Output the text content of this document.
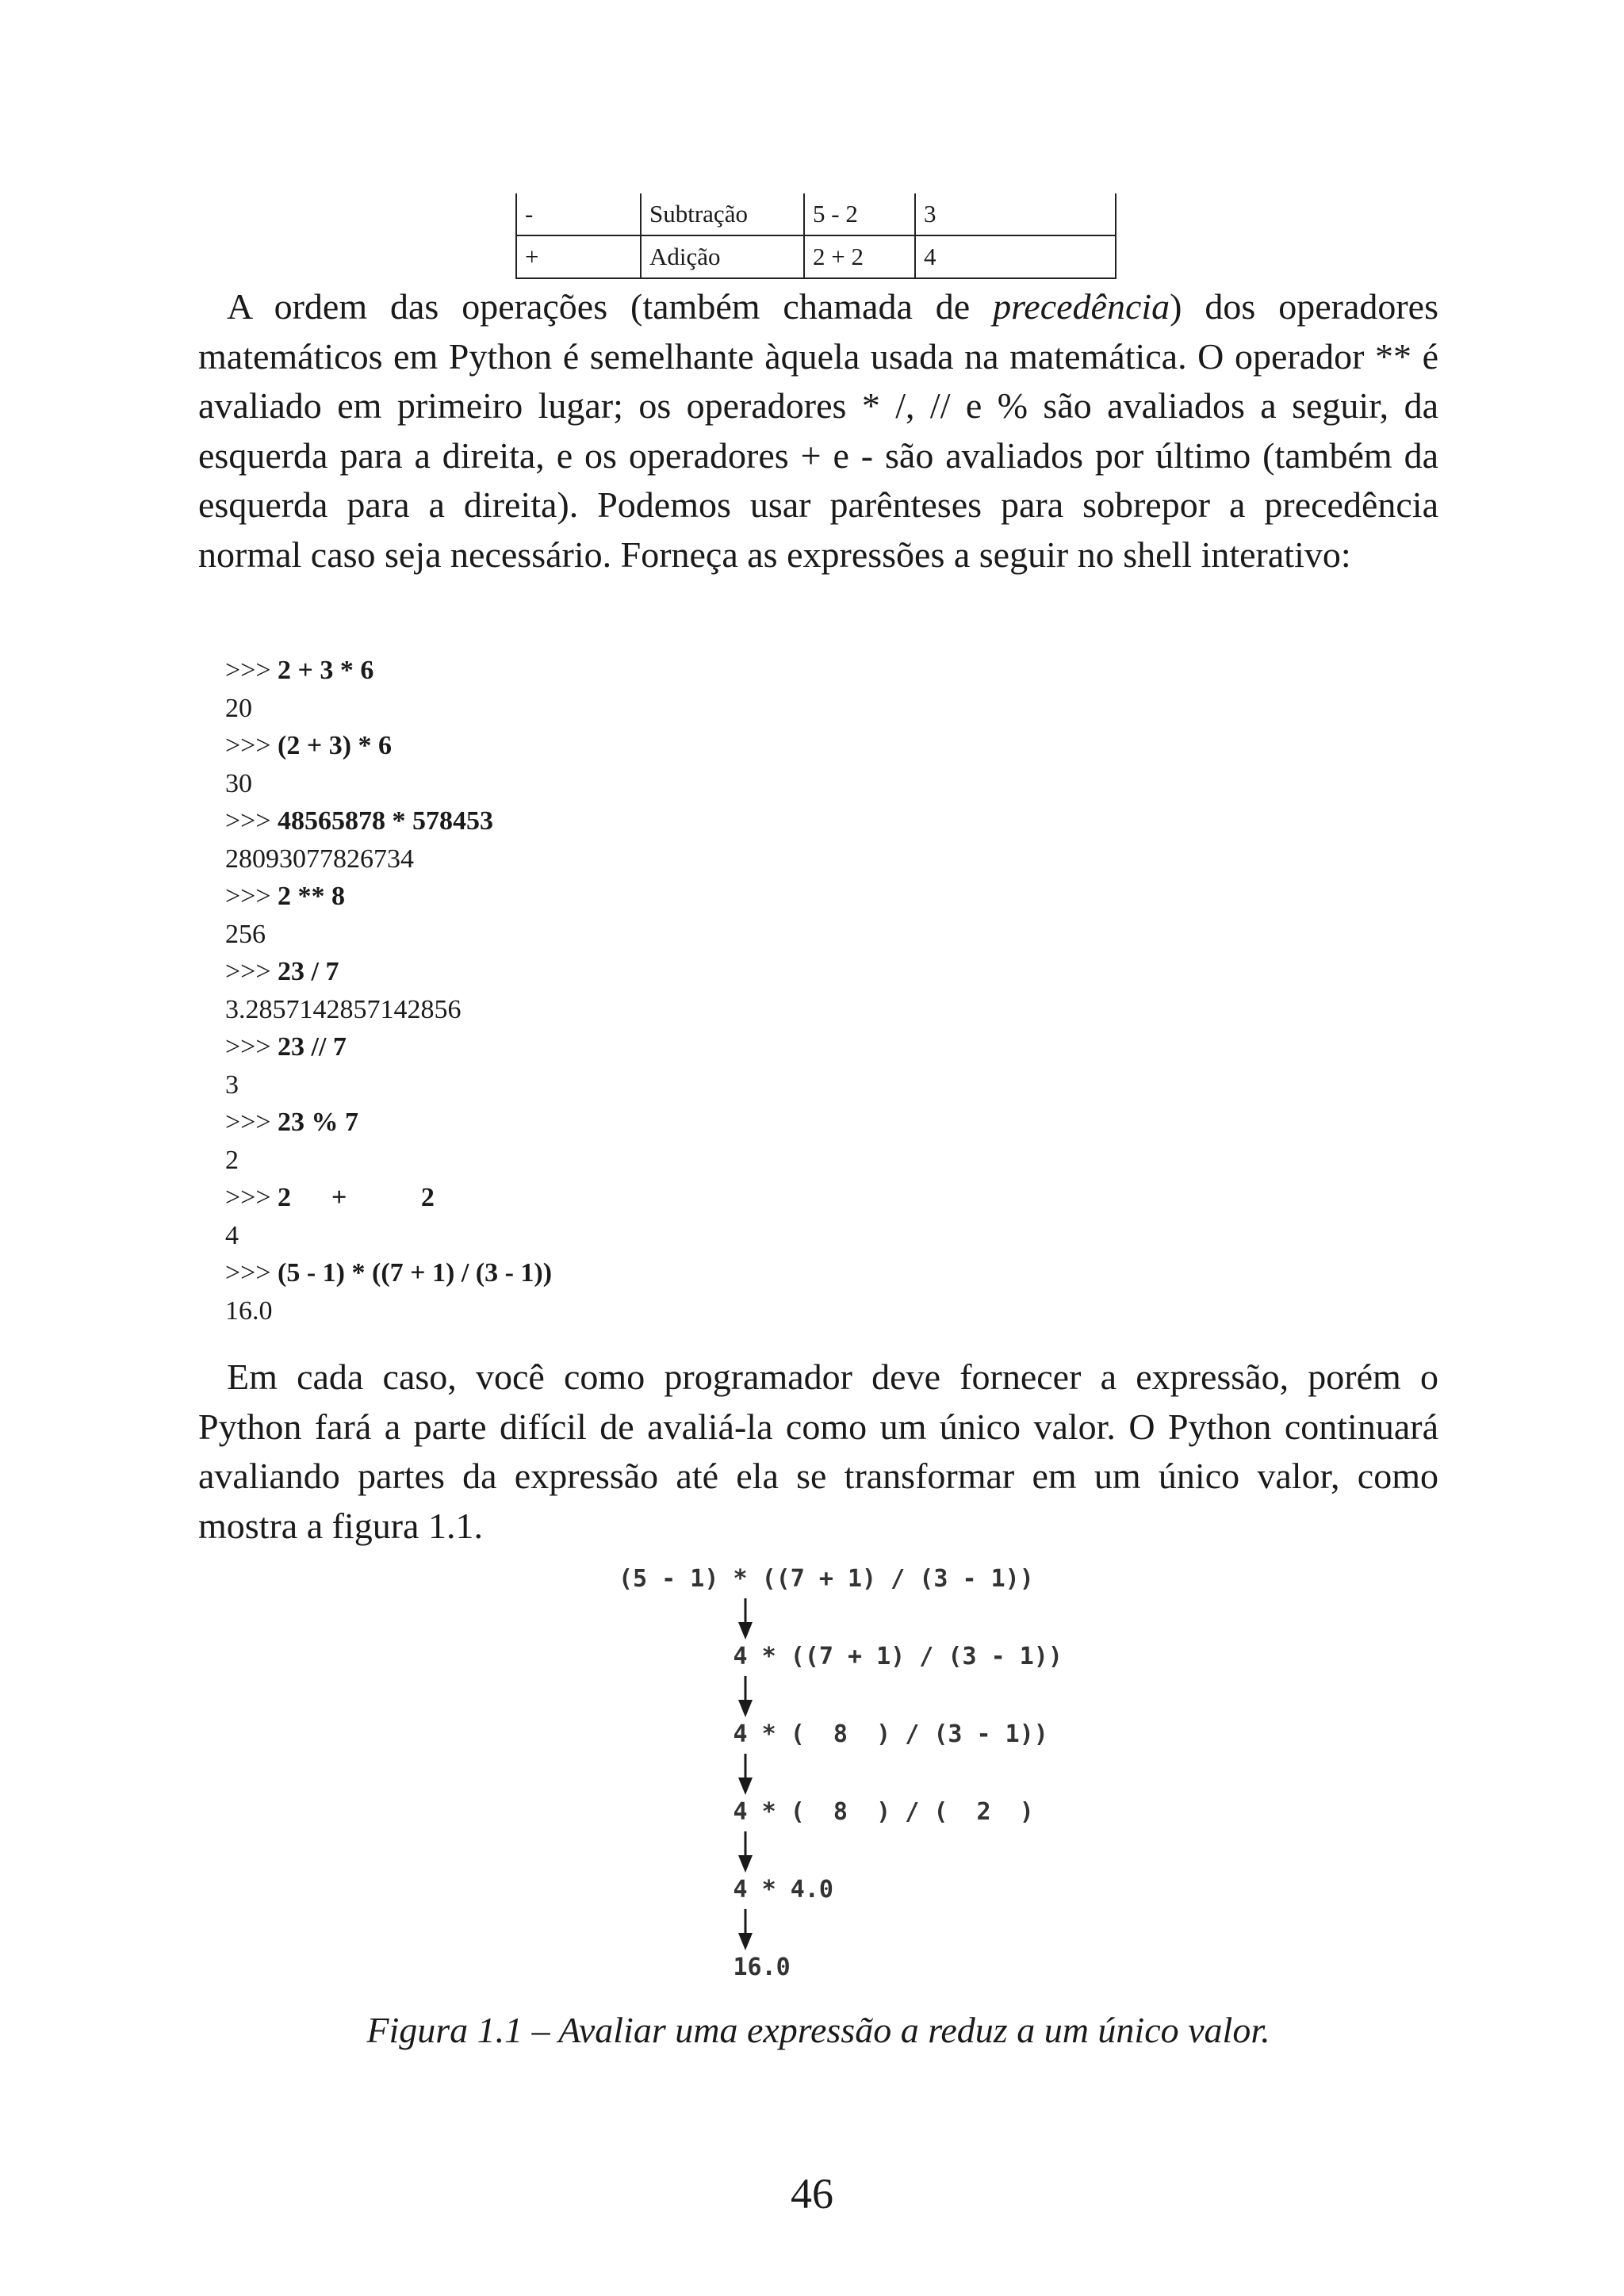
-	Subtração	5 - 2	3
+	Adição	2 + 2	4

A ordem das operações (também chamada de precedência) dos operadores matemáticos em Python é semelhante àquela usada na matemática. O operador ** é avaliado em primeiro lugar; os operadores * /, // e % são avaliados a seguir, da esquerda para a direita, e os operadores + e - são avaliados por último (também da esquerda para a direita). Podemos usar parênteses para sobrepor a precedência normal caso seja necessário. Forneça as expressões a seguir no shell interativo:

>>> 2 + 3 * 6
20
>>> (2 + 3) * 6
30
>>> 48565878 * 578453
28093077826734
>>> 2 ** 8
256
>>> 23 / 7
3.2857142857142856
>>> 23 // 7
3
>>> 23 % 7
2
>>> 2      +           2
4
>>> (5 - 1) * ((7 + 1) / (3 - 1))
16.0

Em cada caso, você como programador deve fornecer a expressão, porém o Python fará a parte difícil de avaliá-la como um único valor. O Python continuará avaliando partes da expressão até ela se transformar em um único valor, como mostra a figura 1.1.

(5 - 1) * ((7 + 1) / (3 - 1))
4 * ((7 + 1) / (3 - 1))
4 * (  8  ) / (3 - 1))
4 * (  8  ) / (  2  )
4 * 4.0
16.0
Figura 1.1 – Avaliar uma expressão a reduz a um único valor.
46
